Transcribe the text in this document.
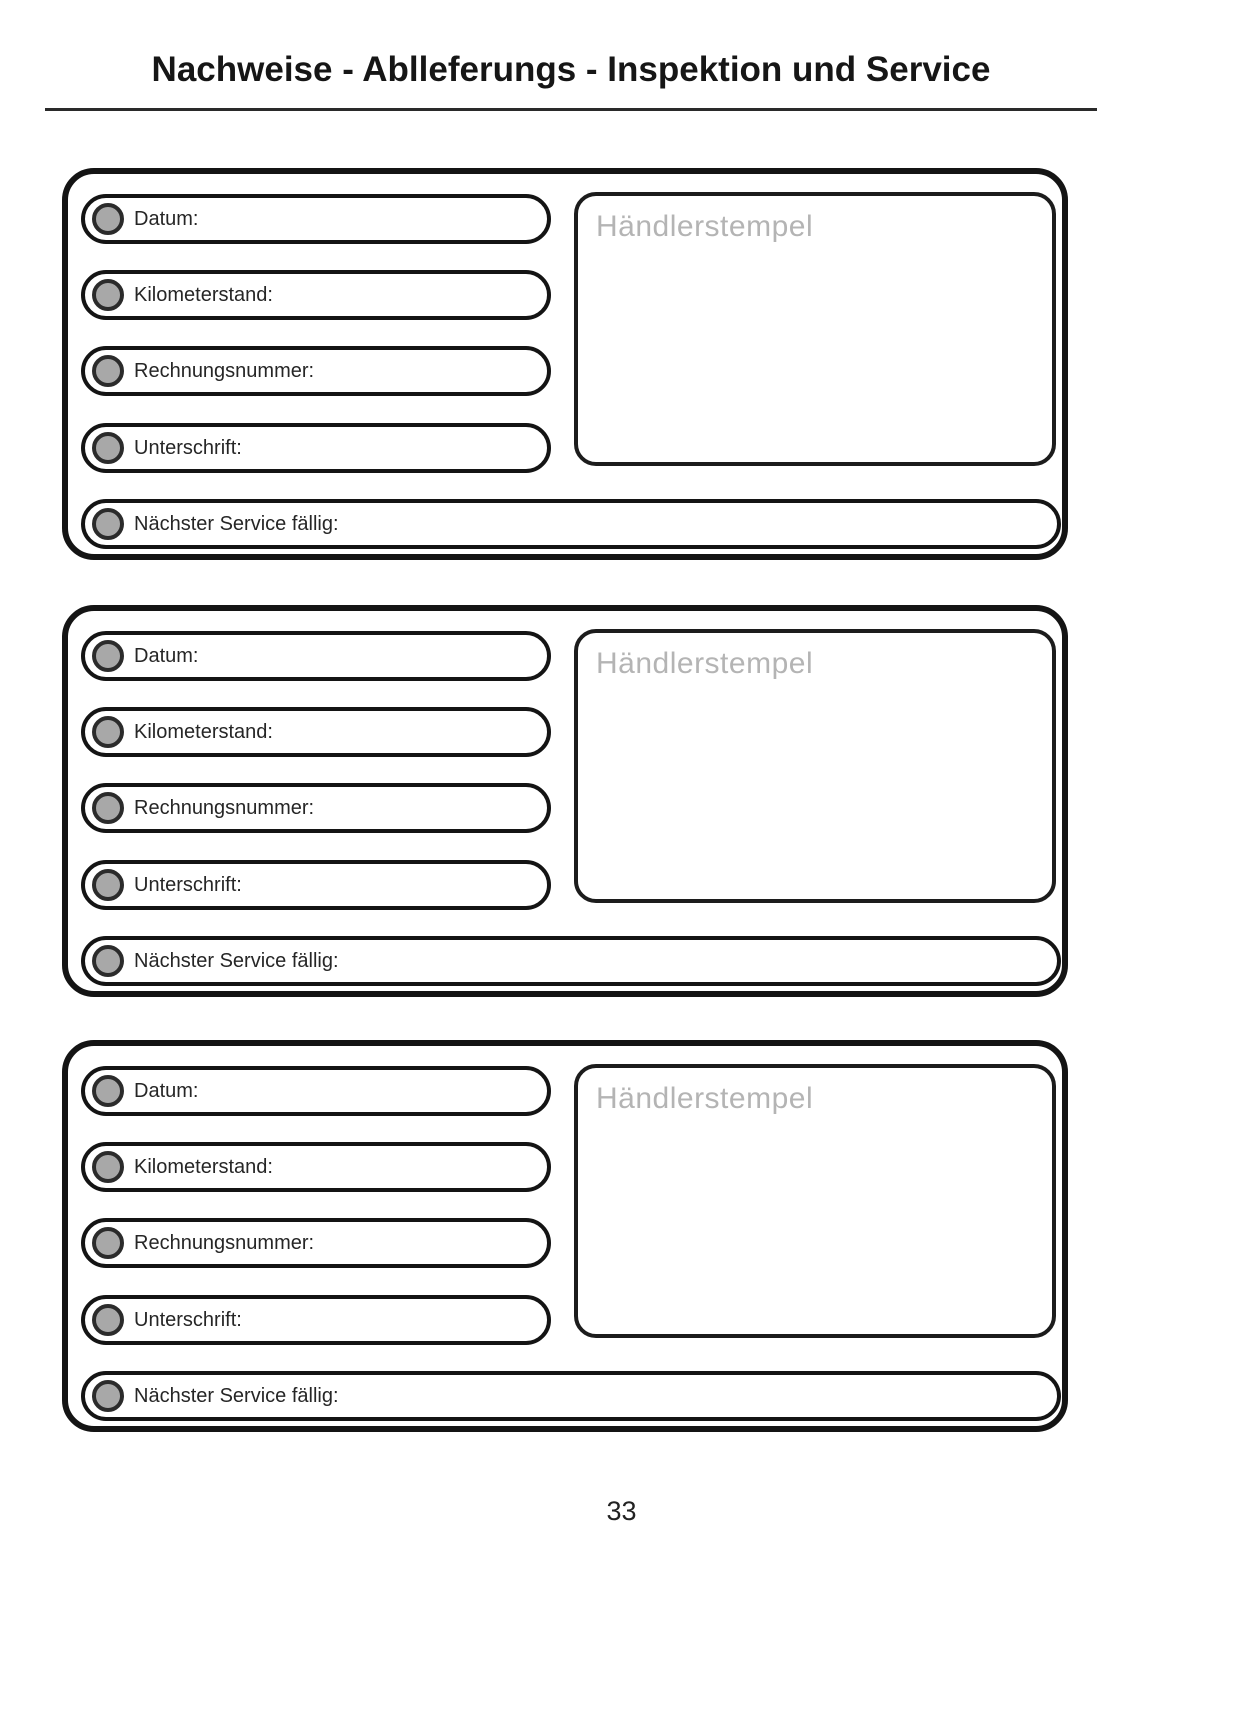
Nachweise - Ablleferungs - Inspektion und Service
Datum:
Kilometerstand:
Rechnungsnummer:
Unterschrift:
Nächster Service fällig:
Händlerstempel
Datum:
Kilometerstand:
Rechnungsnummer:
Unterschrift:
Nächster Service fällig:
Händlerstempel
Datum:
Kilometerstand:
Rechnungsnummer:
Unterschrift:
Nächster Service fällig:
Händlerstempel
33
